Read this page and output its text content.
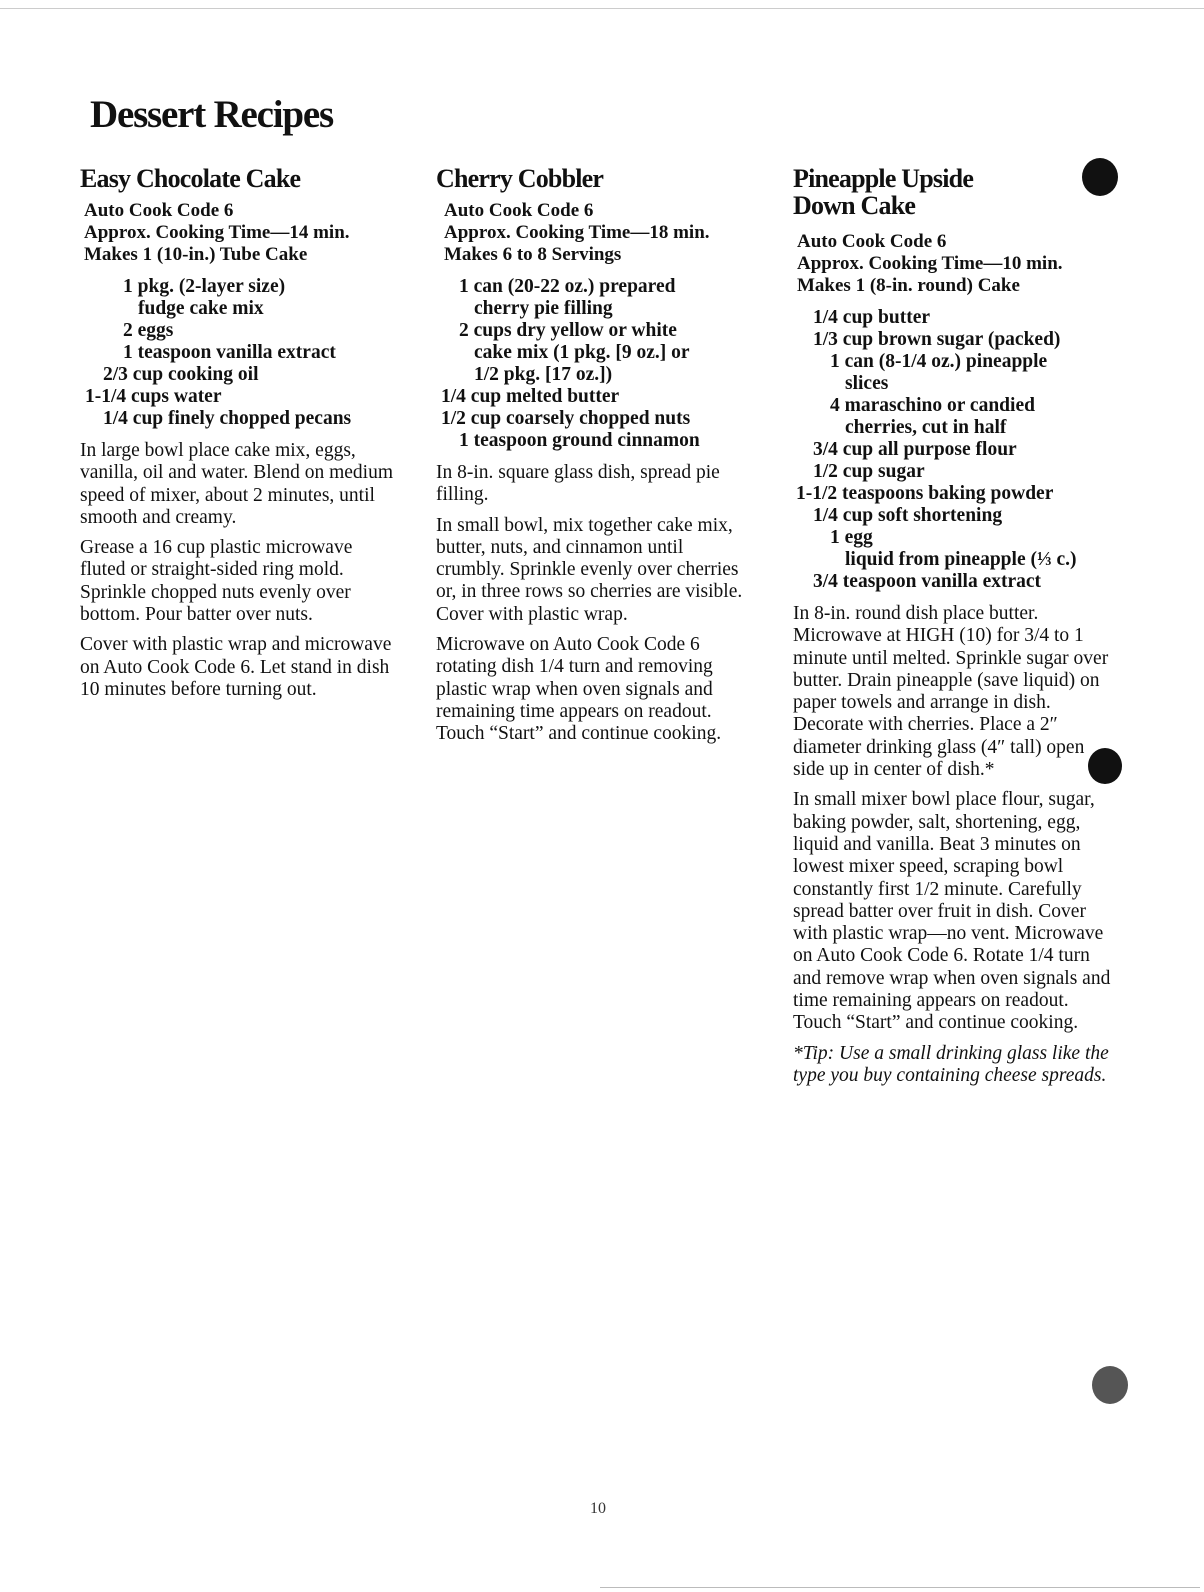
Dessert Recipes
Easy Chocolate Cake
Auto Cook Code 6
Approx. Cooking Time—14 min.
Makes 1 (10-in.) Tube Cake
1 pkg. (2-layer size)
fudge cake mix
2 eggs
1 teaspoon vanilla extract
2/3 cup cooking oil
1-1/4 cups water
1/4 cup finely chopped pecans

In large bowl place cake mix, eggs, vanilla, oil and water. Blend on medium speed of mixer, about 2 minutes, until smooth and creamy.

Grease a 16 cup plastic microwave fluted or straight-sided ring mold. Sprinkle chopped nuts evenly over bottom. Pour batter over nuts.

Cover with plastic wrap and microwave on Auto Cook Code 6. Let stand in dish 10 minutes before turning out.

Cherry Cobbler
Auto Cook Code 6
Approx. Cooking Time—18 min.
Makes 6 to 8 Servings
1 can (20-22 oz.) prepared
cherry pie filling
2 cups dry yellow or white
cake mix (1 pkg. [9 oz.] or
1/2 pkg. [17 oz.])
1/4 cup melted butter
1/2 cup coarsely chopped nuts
1 teaspoon ground cinnamon

In 8-in. square glass dish, spread pie filling.

In small bowl, mix together cake mix, butter, nuts, and cinnamon until crumbly. Sprinkle evenly over cherries or, in three rows so cherries are visible. Cover with plastic wrap.

Microwave on Auto Cook Code 6 rotating dish 1/4 turn and removing plastic wrap when oven signals and remaining time appears on readout. Touch “Start” and continue cooking.

Pineapple Upside
Down Cake
Auto Cook Code 6
Approx. Cooking Time—10 min.
Makes 1 (8-in. round) Cake
1/4 cup butter
1/3 cup brown sugar (packed)
1 can (8-1/4 oz.) pineapple
slices
4 maraschino or candied
cherries, cut in half
3/4 cup all purpose flour
1/2 cup sugar
1-1/2 teaspoons baking powder
1/4 cup soft shortening
1 egg
liquid from pineapple (⅓ c.)
3/4 teaspoon vanilla extract

In 8-in. round dish place butter. Microwave at HIGH (10) for 3/4 to 1 minute until melted. Sprinkle sugar over butter. Drain pineapple (save liquid) on paper towels and arrange in dish. Decorate with cherries. Place a 2″ diameter drinking glass (4″ tall) open side up in center of dish.*

In small mixer bowl place flour, sugar, baking powder, salt, shortening, egg, liquid and vanilla. Beat 3 minutes on lowest mixer speed, scraping bowl constantly first 1/2 minute. Carefully spread batter over fruit in dish. Cover with plastic wrap—no vent. Microwave on Auto Cook Code 6. Rotate 1/4 turn and remove wrap when oven signals and time remaining appears on readout. Touch “Start” and continue cooking.

*Tip: Use a small drinking glass like the type you buy containing cheese spreads.

10
